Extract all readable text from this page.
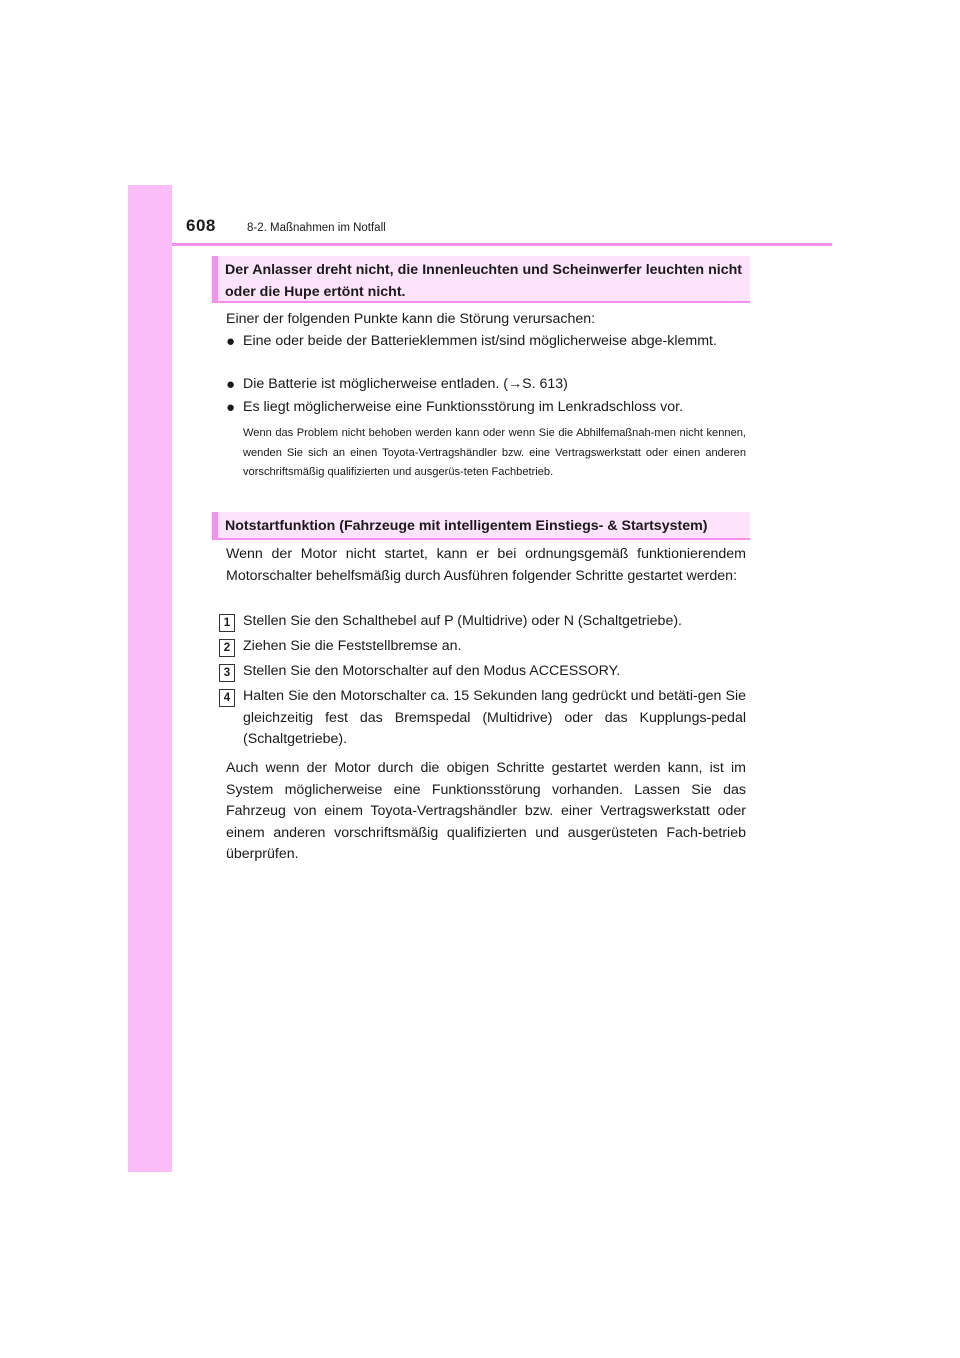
608	8-2. Maßnahmen im Notfall
Der Anlasser dreht nicht, die Innenleuchten und Scheinwerfer leuchten nicht oder die Hupe ertönt nicht.
Einer der folgenden Punkte kann die Störung verursachen:
● Eine oder beide der Batterieklemmen ist/sind möglicherweise abge-klemmt.
● Die Batterie ist möglicherweise entladen. (→S. 613)
● Es liegt möglicherweise eine Funktionsstörung im Lenkradschloss vor.
Wenn das Problem nicht behoben werden kann oder wenn Sie die Abhilfemaßnah-men nicht kennen, wenden Sie sich an einen Toyota-Vertragshändler bzw. eine Vertragswerkstatt oder einen anderen vorschriftsmäßig qualifizierten und ausgerüs-teten Fachbetrieb.
Notstartfunktion (Fahrzeuge mit intelligentem Einstiegs- & Startsystem)
Wenn der Motor nicht startet, kann er bei ordnungsgemäß funktionierendem Motorschalter behelfsmäßig durch Ausführen folgender Schritte gestartet werden:
1 Stellen Sie den Schalthebel auf P (Multidrive) oder N (Schaltgetriebe).
2 Ziehen Sie die Feststellbremse an.
3 Stellen Sie den Motorschalter auf den Modus ACCESSORY.
4 Halten Sie den Motorschalter ca. 15 Sekunden lang gedrückt und betäti-gen Sie gleichzeitig fest das Bremspedal (Multidrive) oder das Kupplungs-pedal (Schaltgetriebe).
Auch wenn der Motor durch die obigen Schritte gestartet werden kann, ist im System möglicherweise eine Funktionsstörung vorhanden. Lassen Sie das Fahrzeug von einem Toyota-Vertragshändler bzw. einer Vertragswerkstatt oder einem anderen vorschriftsmäßig qualifizierten und ausgerüsteten Fach-betrieb überprüfen.
